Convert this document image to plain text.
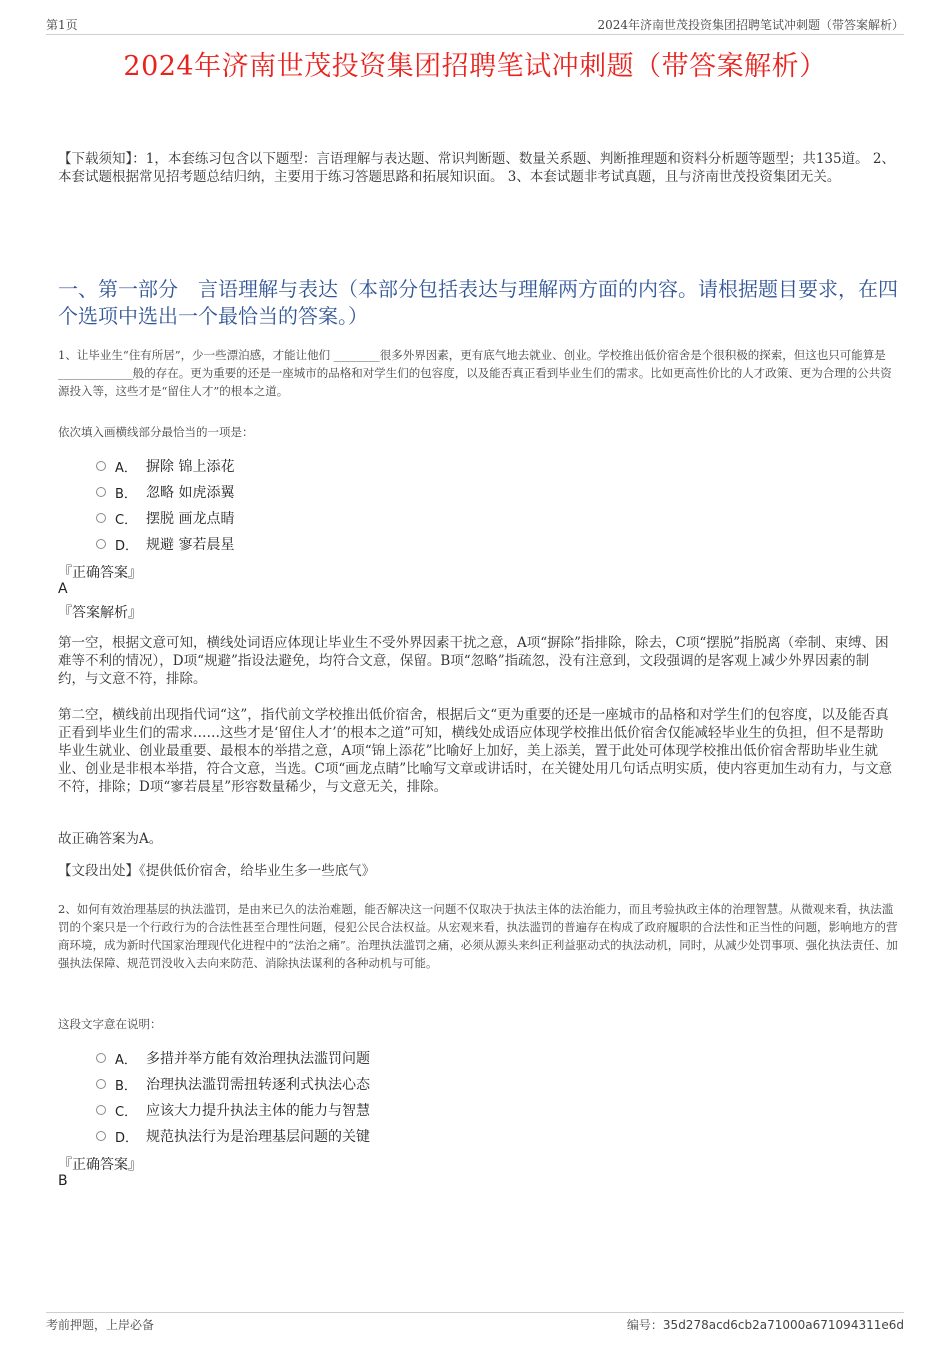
第1页	2024年济南世茂投资集团招聘笔试冲刺题（带答案解析）
2024年济南世茂投资集团招聘笔试冲刺题（带答案解析）
【下载须知】：1，本套练习包含以下题型：言语理解与表达题、常识判断题、数量关系题、判断推理题和资料分析题等题型；共135道。 2、本套试题根据常见招考题总结归纳，主要用于练习答题思路和拓展知识面。 3、本套试题非考试真题，且与济南世茂投资集团无关。
一、第一部分　言语理解与表达（本部分包括表达与理解两方面的内容。请根据题目要求，在四个选项中选出一个最恰当的答案。）

1、让毕业生“住有所居”，少一些漂泊感，才能让他们 ________很多外界因素，更有底气地去就业、创业。学校推出低价宿舍是个很积极的探索，但这也只可能算是 _____________般的存在。更为重要的还是一座城市的品格和对学生们的包容度，以及能否真正看到毕业生们的需求。比如更高性价比的人才政策、更为合理的公共资源投入等，这些才是“留住人才”的根本之道。

依次填入画横线部分最恰当的一项是：

A． 摒除 锦上添花
B． 忽略 如虎添翼
C． 摆脱 画龙点睛
D． 规避 寥若晨星
『正确答案』
A
『答案解析』

第一空，根据文意可知，横线处词语应体现让毕业生不受外界因素干扰之意，A项“摒除”指排除，除去，C项“摆脱”指脱离（牵制、束缚、困难等不利的情况），D项“规避”指设法避免，均符合文意，保留。B项“忽略”指疏忽，没有注意到，文段强调的是客观上减少外界因素的制约，与文意不符，排除。

第二空，横线前出现指代词“这”，指代前文学校推出低价宿舍，根据后文“更为重要的还是一座城市的品格和对学生们的包容度，以及能否真正看到毕业生们的需求……这些才是‘留住人才’的根本之道”可知，横线处成语应体现学校推出低价宿舍仅能减轻毕业生的负担，但不是帮助毕业生就业、创业最重要、最根本的举措之意，A项“锦上添花”比喻好上加好，美上添美，置于此处可体现学校推出低价宿舍帮助毕业生就业、创业是非根本举措，符合文意，当选。C项“画龙点睛”比喻写文章或讲话时，在关键处用几句话点明实质，使内容更加生动有力，与文意不符，排除；D项“寥若晨星”形容数量稀少，与文意无关，排除。

故正确答案为A。

【文段出处】《提供低价宿舍，给毕业生多一些底气》

2、如何有效治理基层的执法滥罚，是由来已久的法治难题，能否解决这一问题不仅取决于执法主体的法治能力，而且考验执政主体的治理智慧。从微观来看，执法滥罚的个案只是一个行政行为的合法性甚至合理性问题，侵犯公民合法权益。从宏观来看，执法滥罚的普遍存在构成了政府履职的合法性和正当性的问题，影响地方的营商环境，成为新时代国家治理现代化进程中的“法治之痛”。治理执法滥罚之痛，必须从源头来纠正利益驱动式的执法动机，同时，从减少处罚事项、强化执法责任、加强执法保障、规范罚没收入去向来防范、消除执法谋利的各种动机与可能。

这段文字意在说明：

A． 多措并举方能有效治理执法滥罚问题
B． 治理执法滥罚需扭转逐利式执法心态
C． 应该大力提升执法主体的能力与智慧
D． 规范执法行为是治理基层问题的关键
『正确答案』
B
考前押题，上岸必备	编号：35d278acd6cb2a71000a671094311e6d
